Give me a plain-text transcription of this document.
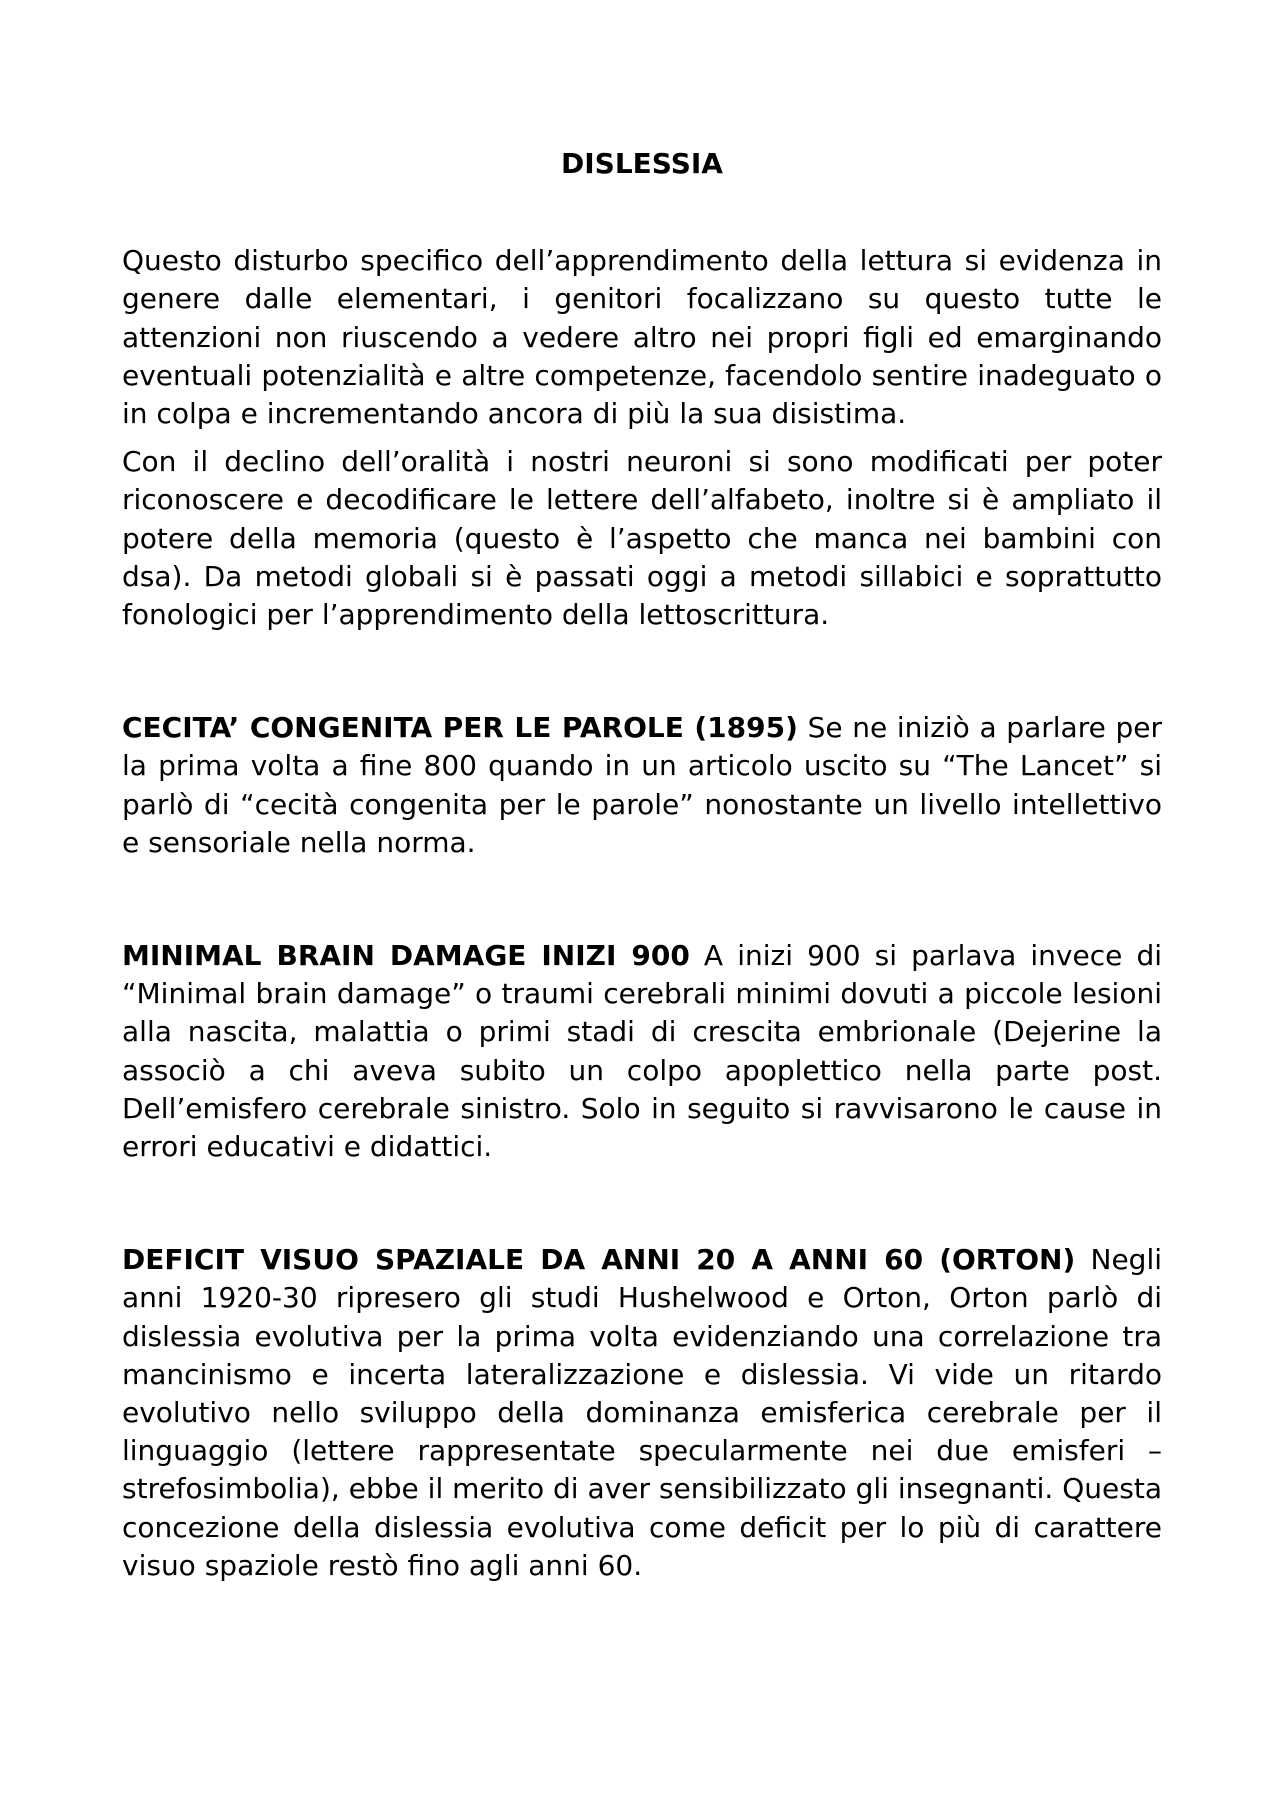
DISLESSIA

Questo disturbo specifico dell’apprendimento della lettura si evidenza in genere dalle elementari, i genitori focalizzano su questo tutte le attenzioni non riuscendo a vedere altro nei propri figli ed emarginando eventuali potenzialità e altre competenze, facendolo sentire inadeguato o in colpa e incrementando ancora di più la sua disistima.

Con il declino dell’oralità i nostri neuroni si sono modificati per poter riconoscere e decodificare le lettere dell’alfabeto, inoltre si è ampliato il potere della memoria (questo è l’aspetto che manca nei bambini con dsa). Da metodi globali si è passati oggi a metodi sillabici e soprattutto fonologici per l’apprendimento della lettoscrittura.

CECITA’ CONGENITA PER LE PAROLE (1895) Se ne iniziò a parlare per la prima volta a fine 800 quando in un articolo uscito su “The Lancet” si parlò di “cecità congenita per le parole” nonostante un livello intellettivo e sensoriale nella norma.

MINIMAL BRAIN DAMAGE INIZI 900 A inizi 900 si parlava invece di “Minimal brain damage” o traumi cerebrali minimi dovuti a piccole lesioni alla nascita, malattia o primi stadi di crescita embrionale (Dejerine la associò a chi aveva subito un colpo apoplettico nella parte post. Dell’emisfero cerebrale sinistro. Solo in seguito si ravvisarono le cause in errori educativi e didattici.

DEFICIT VISUO SPAZIALE DA ANNI 20 A ANNI 60 (ORTON) Negli anni 1920-30 ripresero gli studi Hushelwood e Orton, Orton parlò di dislessia evolutiva per la prima volta evidenziando una correlazione tra mancinismo e incerta lateralizzazione e dislessia. Vi vide un ritardo evolutivo nello sviluppo della dominanza emisferica cerebrale per il linguaggio (lettere rappresentate specularmente nei due emisferi – strefosimbolia), ebbe il merito di aver sensibilizzato gli insegnanti. Questa concezione della dislessia evolutiva come deficit per lo più di carattere visuo spaziole restò fino agli anni 60.
